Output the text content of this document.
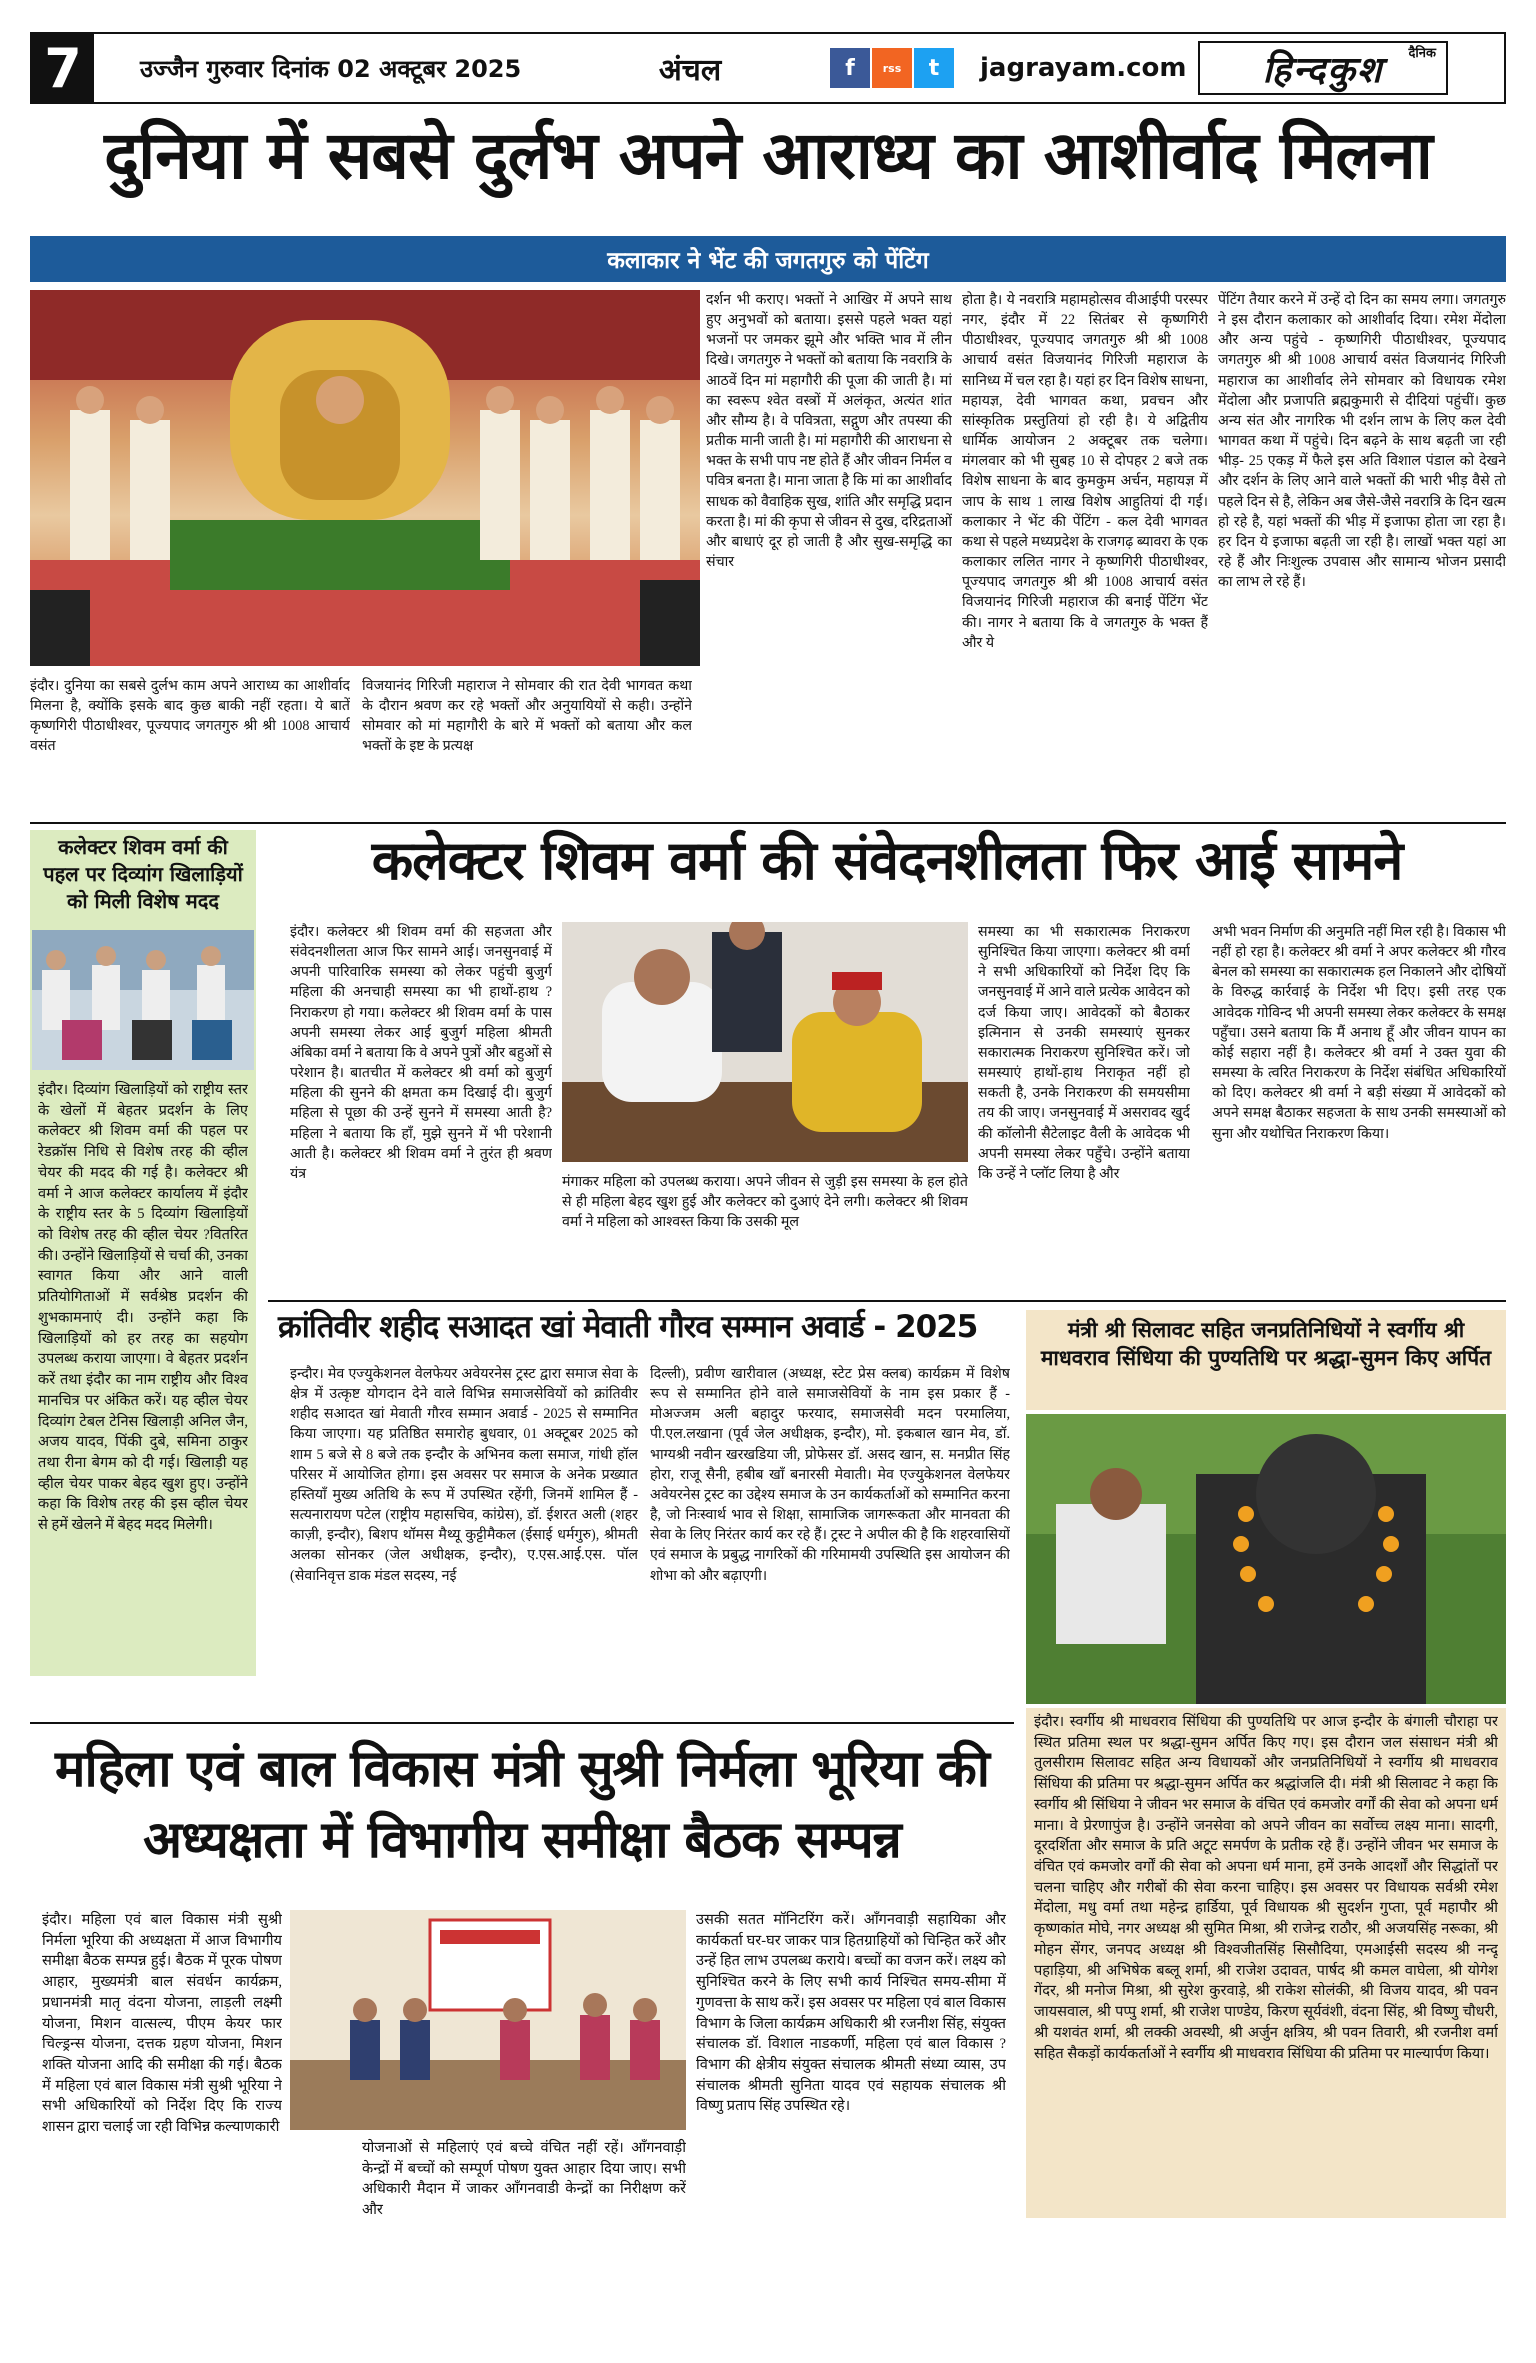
7	उज्जैन गुरुवार दिनांक 02 अक्टूबर 2025	अंचल	f	rss	t	jagrayam.com	दैनिक
हिन्दकुश
दुनिया में सबसे दुर्लभ अपने आराध्य का आशीर्वाद मिलना
कलाकार ने भेंट की जगतगुरु को पेंटिंग
इंदौर। दुनिया का सबसे दुर्लभ काम अपने आराध्य का आशीर्वाद मिलना है, क्योंकि इसके बाद कुछ बाकी नहीं रहता। ये बातें कृष्णगिरी पीठाधीश्वर, पूज्यपाद जगतगुरु श्री श्री 1008 आचार्य वसंत
विजयानंद गिरिजी महाराज ने सोमवार की रात देवी भागवत कथा के दौरान श्रवण कर रहे भक्तों और अनुयायियों से कही। उन्होंने सोमवार को मां महागौरी के बारे में भक्तों को बताया और कल भक्तों के इष्ट के प्रत्यक्ष
दर्शन भी कराए। भक्तों ने आखिर में अपने साथ हुए अनुभवों को बताया। इससे पहले भक्त यहां भजनों पर जमकर झूमे और भक्ति भाव में लीन दिखे। जगतगुरु ने भक्तों को बताया कि नवरात्रि के आठवें दिन मां महागौरी की पूजा की जाती है। मां का स्वरूप श्वेत वस्त्रों में अलंकृत, अत्यंत शांत और सौम्य है। वे पवित्रता, सद्गुण और तपस्या की प्रतीक मानी जाती है। मां महागौरी की आराधना से भक्त के सभी पाप नष्ट होते हैं और जीवन निर्मल व पवित्र बनता है। माना जाता है कि मां का आशीर्वाद साधक को वैवाहिक सुख, शांति और समृद्धि प्रदान करता है। मां की कृपा से जीवन से दुख, दरिद्रताओं और बाधाएं दूर हो जाती है और सुख-समृद्धि का संचार
होता है। ये नवरात्रि महामहोत्सव वीआईपी परस्पर नगर, इंदौर में 22 सितंबर से कृष्णगिरी पीठाधीश्वर, पूज्यपाद जगतगुरु श्री श्री 1008 आचार्य वसंत विजयानंद गिरिजी महाराज के सानिध्य में चल रहा है। यहां हर दिन विशेष साधना, महायज्ञ, देवी भागवत कथा, प्रवचन और सांस्कृतिक प्रस्तुतियां हो रही है। ये अद्वितीय धार्मिक आयोजन 2 अक्टूबर तक चलेगा। मंगलवार को भी सुबह 10 से दोपहर 2 बजे तक विशेष साधना के बाद कुमकुम अर्चन, महायज्ञ में जाप के साथ 1 लाख विशेष आहुतियां दी गई। कलाकार ने भेंट की पेंटिंग - कल देवी भागवत कथा से पहले मध्यप्रदेश के राजगढ़ ब्यावरा के एक कलाकार ललित नागर ने कृष्णगिरी पीठाधीश्वर, पूज्यपाद जगतगुरु श्री श्री 1008 आचार्य वसंत विजयानंद गिरिजी महाराज की बनाई पेंटिंग भेंट की। नागर ने बताया कि वे जगतगुरु के भक्त हैं और ये
पेंटिंग तैयार करने में उन्हें दो दिन का समय लगा। जगतगुरु ने इस दौरान कलाकार को आशीर्वाद दिया। रमेश मेंदोला और अन्य पहुंचे - कृष्णगिरी पीठाधीश्वर, पूज्यपाद जगतगुरु श्री श्री 1008 आचार्य वसंत विजयानंद गिरिजी महाराज का आशीर्वाद लेने सोमवार को विधायक रमेश मेंदोला और प्रजापति ब्रह्मकुमारी से दीदियां पहुंचीं। कुछ अन्य संत और नागरिक भी दर्शन लाभ के लिए कल देवी भागवत कथा में पहुंचे। दिन बढ़ने के साथ बढ़ती जा रही भीड़- 25 एकड़ में फैले इस अति विशाल पंडाल को देखने और दर्शन के लिए आने वाले भक्तों की भारी भीड़ वैसे तो पहले दिन से है, लेकिन अब जैसे-जैसे नवरात्रि के दिन खत्म हो रहे है, यहां भक्तों की भीड़ में इजाफा होता जा रहा है। हर दिन ये इजाफा बढ़ती जा रही है। लाखों भक्त यहां आ रहे हैं और निःशुल्क उपवास और सामान्य भोजन प्रसादी का लाभ ले रहे हैं।
कलेक्टर शिवम वर्मा की पहल पर दिव्यांग खिलाड़ियों को मिली विशेष मदद
इंदौर। दिव्यांग खिलाड़ियों को राष्ट्रीय स्तर के खेलों में बेहतर प्रदर्शन के लिए कलेक्टर श्री शिवम वर्मा की पहल पर रेडक्रॉस निधि से विशेष तरह की व्हील चेयर की मदद की गई है। कलेक्टर श्री वर्मा ने आज कलेक्टर कार्यालय में इंदौर के राष्ट्रीय स्तर के 5 दिव्यांग खिलाड़ियों को विशेष तरह की व्हील चेयर ?वितरित की। उन्होंने खिलाड़ियों से चर्चा की, उनका स्वागत किया और आने वाली प्रतियोगिताओं में सर्वश्रेष्ठ प्रदर्शन की शुभकामनाएं दी। उन्होंने कहा कि खिलाड़ियों को हर तरह का सहयोग उपलब्ध कराया जाएगा। वे बेहतर प्रदर्शन करें तथा इंदौर का नाम राष्ट्रीय और विश्व मानचित्र पर अंकित करें। यह व्हील चेयर दिव्यांग टेबल टेनिस खिलाड़ी अनिल जैन, अजय यादव, पिंकी दुबे, समिना ठाकुर तथा रीना बेगम को दी गई। खिलाड़ी यह व्हील चेयर पाकर बेहद खुश हुए। उन्होंने कहा कि विशेष तरह की इस व्हील चेयर से हमें खेलने में बेहद मदद मिलेगी।
कलेक्टर शिवम वर्मा की संवेदनशीलता फिर आई सामने
इंदौर। कलेक्टर श्री शिवम वर्मा की सहजता और संवेदनशीलता आज फिर सामने आई। जनसुनवाई में अपनी पारिवारिक समस्या को लेकर पहुंची बुजुर्ग महिला की अनचाही समस्या का भी हाथों-हाथ ?निराकरण हो गया। कलेक्टर श्री शिवम वर्मा के पास अपनी समस्या लेकर आई बुजुर्ग महिला श्रीमती अंबिका वर्मा ने बताया कि वे अपने पुत्रों और बहुओं से परेशान है। बातचीत में कलेक्टर श्री वर्मा को बुजुर्ग महिला की सुनने की क्षमता कम दिखाई दी। बुजुर्ग महिला से पूछा की उन्हें सुनने में समस्या आती है? महिला ने बताया कि हाँ, मुझे सुनने में भी परेशानी आती है। कलेक्टर श्री शिवम वर्मा ने तुरंत ही श्रवण यंत्र
मंगाकर महिला को उपलब्ध कराया। अपने जीवन से जुड़ी इस समस्या के हल होते से ही महिला बेहद खुश हुई और कलेक्टर को दुआएं देने लगी। कलेक्टर श्री शिवम वर्मा ने महिला को आश्वस्त किया कि उसकी मूल
समस्या का भी सकारात्मक निराकरण सुनिश्चित किया जाएगा। कलेक्टर श्री वर्मा ने सभी अधिकारियों को निर्देश दिए कि जनसुनवाई में आने वाले प्रत्येक आवेदन को दर्ज किया जाए। आवेदकों को बैठाकर इत्मिनान से उनकी समस्याएं सुनकर सकारात्मक निराकरण सुनिश्चित करें। जो समस्याएं हाथों-हाथ निराकृत नहीं हो सकती है, उनके निराकरण की समयसीमा तय की जाए। जनसुनवाई में असरावद खुर्द की कॉलोनी सैटेलाइट वैली के आवेदक भी अपनी समस्या लेकर पहुँचे। उन्होंने बताया कि उन्हें ने प्लॉट लिया है और
अभी भवन निर्माण की अनुमति नहीं मिल रही है। विकास भी नहीं हो रहा है। कलेक्टर श्री वर्मा ने अपर कलेक्टर श्री गौरव बेनल को समस्या का सकारात्मक हल निकालने और दोषियों के विरुद्ध कार्रवाई के निर्देश भी दिए। इसी तरह एक आवेदक गोविन्द भी अपनी समस्या लेकर कलेक्टर के समक्ष पहुँचा। उसने बताया कि मैं अनाथ हूँ और जीवन यापन का कोई सहारा नहीं है। कलेक्टर श्री वर्मा ने उक्त युवा की समस्या के त्वरित निराकरण के निर्देश संबंधित अधिकारियों को दिए। कलेक्टर श्री वर्मा ने बड़ी संख्या में आवेदकों को अपने समक्ष बैठाकर सहजता के साथ उनकी समस्याओं को सुना और यथोचित निराकरण किया।
क्रांतिवीर शहीद सआदत खां मेवाती गौरव सम्मान अवार्ड - 2025
इन्दौर। मेव एज्युकेशनल वेलफेयर अवेयरनेस ट्रस्ट द्वारा समाज सेवा के क्षेत्र में उत्कृष्ट योगदान देने वाले विभिन्न समाजसेवियों को क्रांतिवीर शहीद सआदत खां मेवाती गौरव सम्मान अवार्ड - 2025 से सम्मानित किया जाएगा। यह प्रतिष्ठित समारोह बुधवार, 01 अक्टूबर 2025 को शाम 5 बजे से 8 बजे तक इन्दौर के अभिनव कला समाज, गांधी हॉल परिसर में आयोजित होगा। इस अवसर पर समाज के अनेक प्रख्यात हस्तियाँ मुख्य अतिथि के रूप में उपस्थित रहेंगी, जिनमें शामिल हैं - सत्यनारायण पटेल (राष्ट्रीय महासचिव, कांग्रेस), डॉ. ईशरत अली (शहर काज़ी, इन्दौर), बिशप थॉमस मैथ्यू कुट्टीमैकल (ईसाई धर्मगुरु), श्रीमती अलका सोनकर (जेल अधीक्षक, इन्दौर), ए.एस.आई.एस. पॉल (सेवानिवृत्त डाक मंडल सदस्य, नई
दिल्ली), प्रवीण खारीवाल (अध्यक्ष, स्टेट प्रेस क्लब) कार्यक्रम में विशेष रूप से सम्मानित होने वाले समाजसेवियों के नाम इस प्रकार हैं - मोअज्जम अली बहादुर फरयाद, समाजसेवी मदन परमालिया, पी.एल.लखाना (पूर्व जेल अधीक्षक, इन्दौर), मो. इकबाल खान मेव, डॉ. भाग्यश्री नवीन खरखडिया जी, प्रोफेसर डॉ. असद खान, स. मनप्रीत सिंह होरा, राजू सैनी, हबीब खॉं बनारसी मेवाती। मेव एज्युकेशनल वेलफेयर अवेयरनेस ट्रस्ट का उद्देश्य समाज के उन कार्यकर्ताओं को सम्मानित करना है, जो निःस्वार्थ भाव से शिक्षा, सामाजिक जागरूकता और मानवता की सेवा के लिए निरंतर कार्य कर रहे हैं। ट्रस्ट ने अपील की है कि शहरवासियों एवं समाज के प्रबुद्ध नागरिकों की गरिमामयी उपस्थिति इस आयोजन की शोभा को और बढ़ाएगी।
मंत्री श्री सिलावट सहित जनप्रतिनिधियों ने स्वर्गीय श्री माधवराव सिंधिया की पुण्यतिथि पर श्रद्धा-सुमन किए अर्पित
इंदौर। स्वर्गीय श्री माधवराव सिंधिया की पुण्यतिथि पर आज इन्दौर के बंगाली चौराहा पर स्थित प्रतिमा स्थल पर श्रद्धा-सुमन अर्पित किए गए। इस दौरान जल संसाधन मंत्री श्री तुलसीराम सिलावट सहित अन्य विधायकों और जनप्रतिनिधियों ने स्वर्गीय श्री माधवराव सिंधिया की प्रतिमा पर श्रद्धा-सुमन अर्पित कर श्रद्धांजलि दी। मंत्री श्री सिलावट ने कहा कि स्वर्गीय श्री सिंधिया ने जीवन भर समाज के वंचित एवं कमजोर वर्गों की सेवा को अपना धर्म माना। वे प्रेरणापुंज है। उन्होंने जनसेवा को अपने जीवन का सर्वोच्च लक्ष्य माना। सादगी, दूरदर्शिता और समाज के प्रति अटूट समर्पण के प्रतीक रहे हैं। उन्होंने जीवन भर समाज के वंचित एवं कमजोर वर्गों की सेवा को अपना धर्म माना, हमें उनके आदर्शों और सिद्धांतों पर चलना चाहिए और गरीबों की सेवा करना चाहिए। इस अवसर पर विधायक सर्वश्री रमेश मेंदोला, मधु वर्मा तथा महेन्द्र हार्डिया, पूर्व विधायक श्री सुदर्शन गुप्ता, पूर्व महापौर श्री कृष्णकांत मोघे, नगर अध्यक्ष श्री सुमित मिश्रा, श्री राजेन्द्र राठौर, श्री अजयसिंह नरूका, श्री मोहन सेंगर, जनपद अध्यक्ष श्री विश्वजीतसिंह सिसौदिया, एमआईसी सदस्य श्री नन्दू पहाड़िया, श्री अभिषेक बब्लू शर्मा, श्री राजेश उदावत, पार्षद श्री कमल वाघेला, श्री योगेश गेंदर, श्री मनोज मिश्रा, श्री सुरेश कुरवाड़े, श्री राकेश सोलंकी, श्री विजय यादव, श्री पवन जायसवाल, श्री पप्पु शर्मा, श्री राजेश पाण्डेय, किरण सूर्यवंशी, वंदना सिंह, श्री विष्णु चौधरी, श्री यशवंत शर्मा, श्री लक्की अवस्थी, श्री अर्जुन क्षत्रिय, श्री पवन तिवारी, श्री रजनीश वर्मा सहित सैकड़ों कार्यकर्ताओं ने स्वर्गीय श्री माधवराव सिंधिया की प्रतिमा पर माल्यार्पण किया।
महिला एवं बाल विकास मंत्री सुश्री निर्मला भूरिया की अध्यक्षता में विभागीय समीक्षा बैठक सम्पन्न
इंदौर। महिला एवं बाल विकास मंत्री सुश्री निर्मला भूरिया की अध्यक्षता में आज विभागीय समीक्षा बैठक सम्पन्न हुई। बैठक में पूरक पोषण आहार, मुख्यमंत्री बाल संवर्धन कार्यक्रम, प्रधानमंत्री मातृ वंदना योजना, लाड़ली लक्ष्मी योजना, मिशन वात्सल्य, पीएम केयर फार चिल्ड्रन्स योजना, दत्तक ग्रहण योजना, मिशन शक्ति योजना आदि की समीक्षा की गई। बैठक में महिला एवं बाल विकास मंत्री सुश्री भूरिया ने सभी अधिकारियों को निर्देश दिए कि राज्य शासन द्वारा चलाई जा रही विभिन्न कल्याणकारी
योजनाओं से महिलाएं एवं बच्चे वंचित नहीं रहें। आँगनवाड़ी केन्द्रों में बच्चों को सम्पूर्ण पोषण युक्त आहार दिया जाए। सभी अधिकारी मैदान में जाकर आँगनवाडी केन्द्रों का निरीक्षण करें और
उसकी सतत मॉनिटरिंग करें। आँगनवाड़ी सहायिका और कार्यकर्ता घर-घर जाकर पात्र हितग्राहियों को चिन्हित करें और उन्हें हित लाभ उपलब्ध कराये। बच्चों का वजन करें। लक्ष्य को सुनिश्चित करने के लिए सभी कार्य निश्चित समय-सीमा में गुणवत्ता के साथ करें। इस अवसर पर महिला एवं बाल विकास विभाग के जिला कार्यक्रम अधिकारी श्री रजनीश सिंह, संयुक्त संचालक डॉ. विशाल नाडकर्णी, महिला एवं बाल विकास ?विभाग की क्षेत्रीय संयुक्त संचालक श्रीमती संध्या व्यास, उप संचालक श्रीमती सुनिता यादव एवं सहायक संचालक श्री विष्णु प्रताप सिंह उपस्थित रहे।
